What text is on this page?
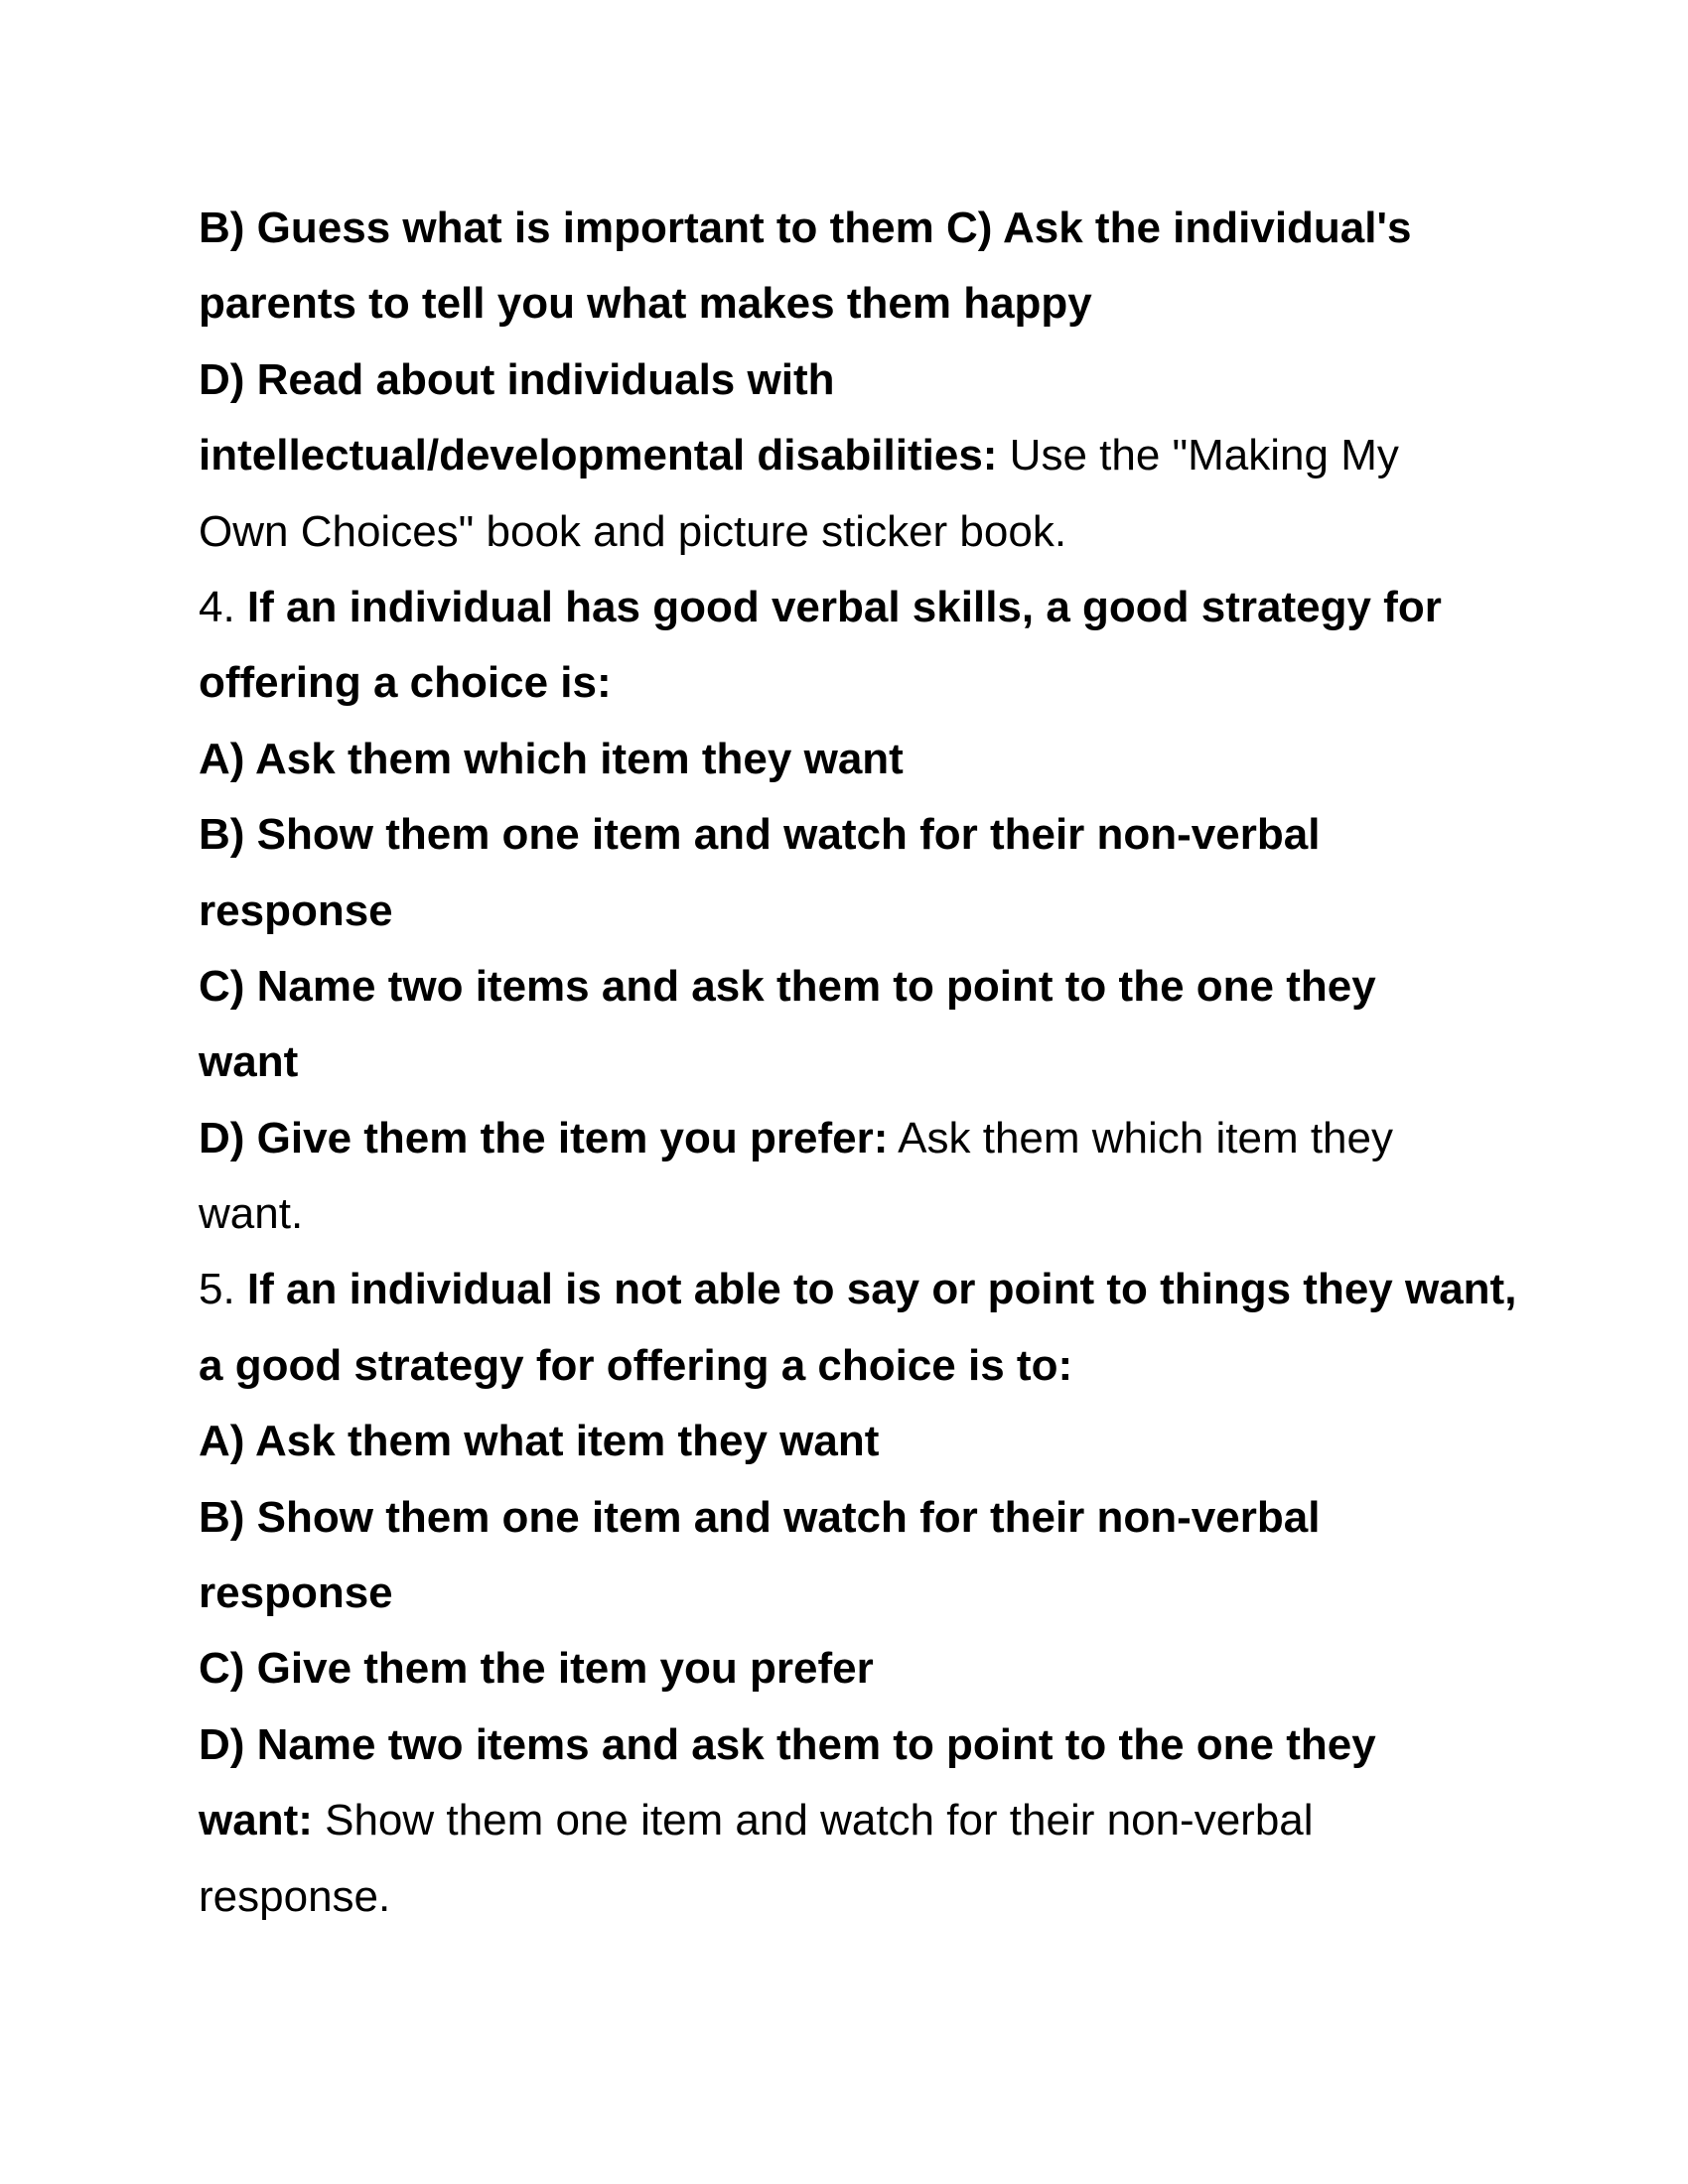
B) Guess what is important to them C) Ask the individual's
parents to tell you what makes them happy
D) Read about individuals with
intellectual/developmental disabilities: Use the "Making My
Own Choices" book and picture sticker book.
4. If an individual has good verbal skills, a good strategy for
offering a choice is:
A) Ask them which item they want
B) Show them one item and watch for their non-verbal
response
C) Name two items and ask them to point to the one they
want
D) Give them the item you prefer: Ask them which item they
want.
5. If an individual is not able to say or point to things they want,
a good strategy for offering a choice is to:
A) Ask them what item they want
B) Show them one item and watch for their non-verbal
response
C) Give them the item you prefer
D) Name two items and ask them to point to the one they
want: Show them one item and watch for their non-verbal
response.
